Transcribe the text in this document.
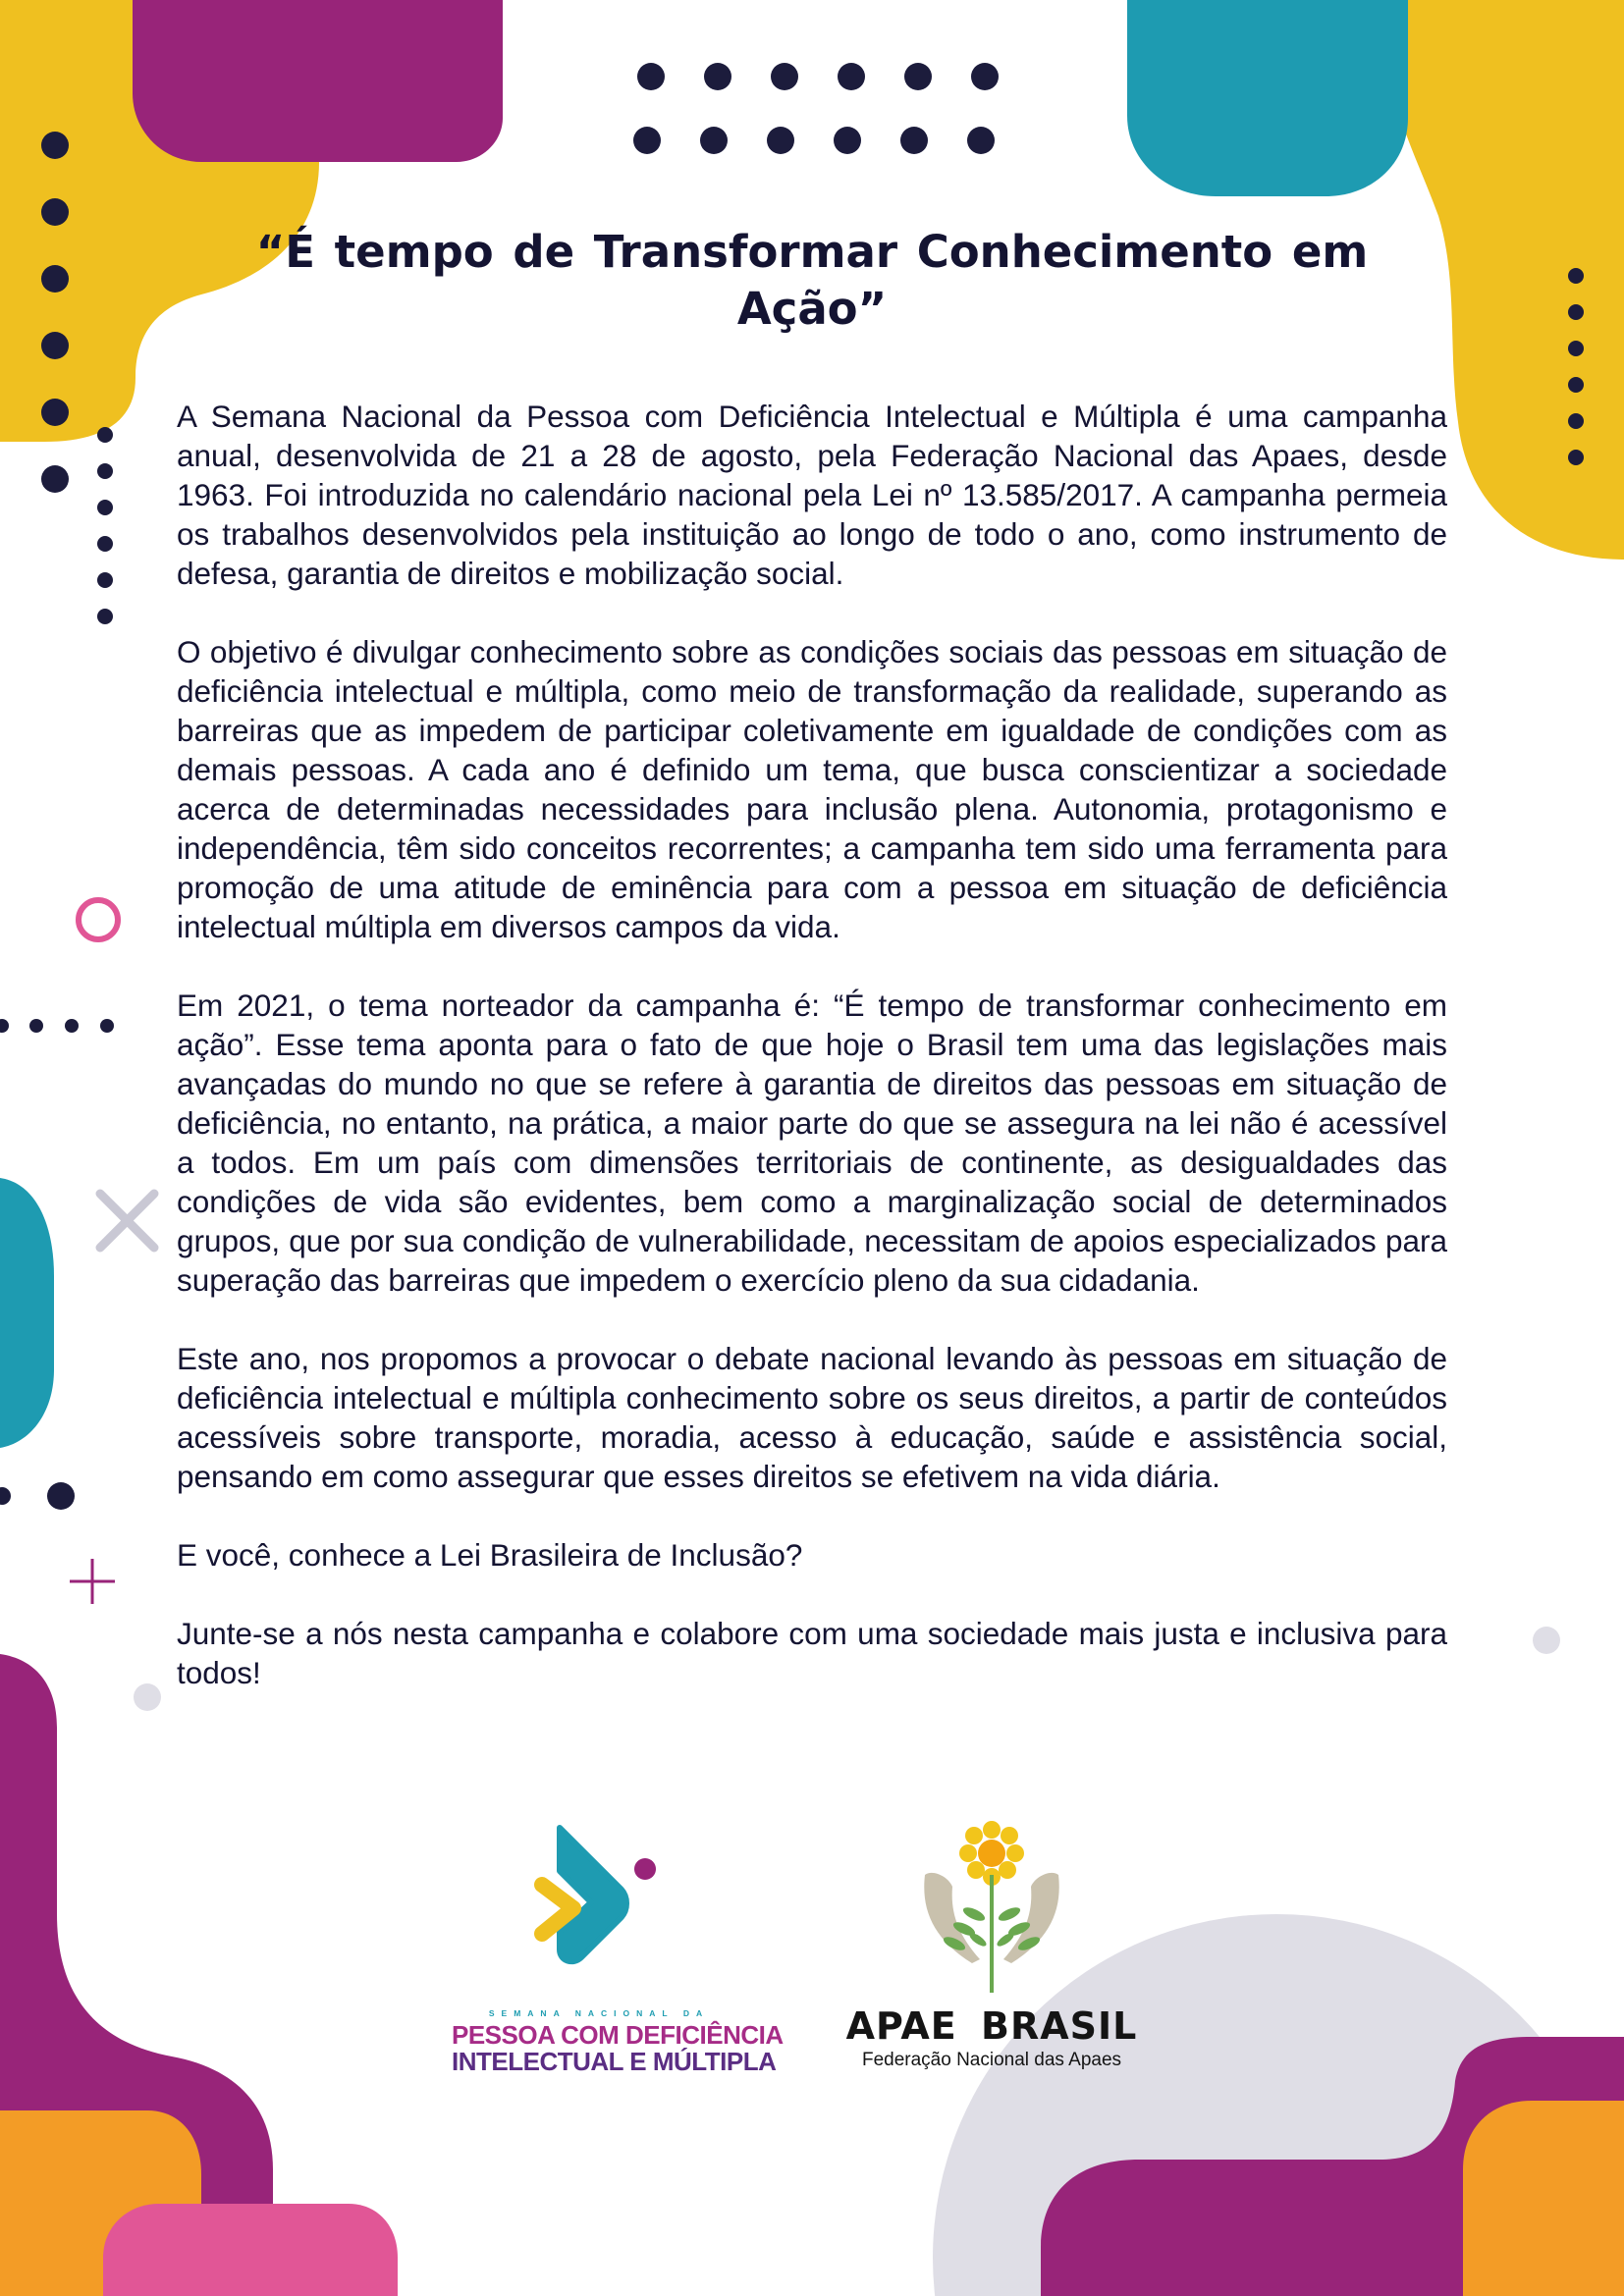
“É tempo de Transformar Conhecimento em Ação”

A Semana Nacional da Pessoa com Deficiência Intelectual e Múltipla é uma campanha anual, desenvolvida de 21 a 28 de agosto, pela Federação Nacional das Apaes, desde 1963. Foi introduzida no calendário nacional pela Lei nº 13.585/2017. A campanha permeia os trabalhos desenvolvidos pela instituição ao longo de todo o ano, como instrumento de defesa, garantia de direitos e mobilização social.

O objetivo é divulgar conhecimento sobre as condições sociais das pessoas em situação de deficiência intelectual e múltipla, como meio de transformação da realidade, superando as barreiras que as impedem de participar coletivamente em igualdade de condições com as demais pessoas. A cada ano é definido um tema, que busca conscientizar a sociedade acerca de determinadas necessidades para inclusão plena. Autonomia, protagonismo e independência, têm sido conceitos recorrentes; a campanha tem sido uma ferramenta para promoção de uma atitude de eminência para com a pessoa em situação de deficiência intelectual múltipla em diversos campos da vida.

Em 2021, o tema norteador da campanha é: “É tempo de transformar conhecimento em ação”. Esse tema aponta para o fato de que hoje o Brasil tem uma das legislações mais avançadas do mundo no que se refere à garantia de direitos das pessoas em situação de deficiência, no entanto, na prática, a maior parte do que se assegura na lei não é acessível a todos. Em um país com dimensões territoriais de continente, as desigualdades das condições de vida são evidentes, bem como a marginalização social de determinados grupos, que por sua condição de vulnerabilidade, necessitam de apoios especializados para superação das barreiras que impedem o exercício pleno da sua cidadania.

Este ano, nos propomos a provocar o debate nacional levando às pessoas em situação de deficiência intelectual e múltipla conhecimento sobre os seus direitos, a partir de conteúdos acessíveis sobre transporte, moradia, acesso à educação, saúde e assistência social, pensando em como assegurar que esses direitos se efetivem na vida diária.

E você, conhece a Lei Brasileira de Inclusão?

Junte-se a nós nesta campanha e colabore com uma sociedade mais justa e inclusiva para todos!

SEMANA NACIONAL DA
PESSOA COM DEFICIÊNCIA
INTELECTUAL E MÚLTIPLA
APAE BRASIL
Federação Nacional das Apaes
